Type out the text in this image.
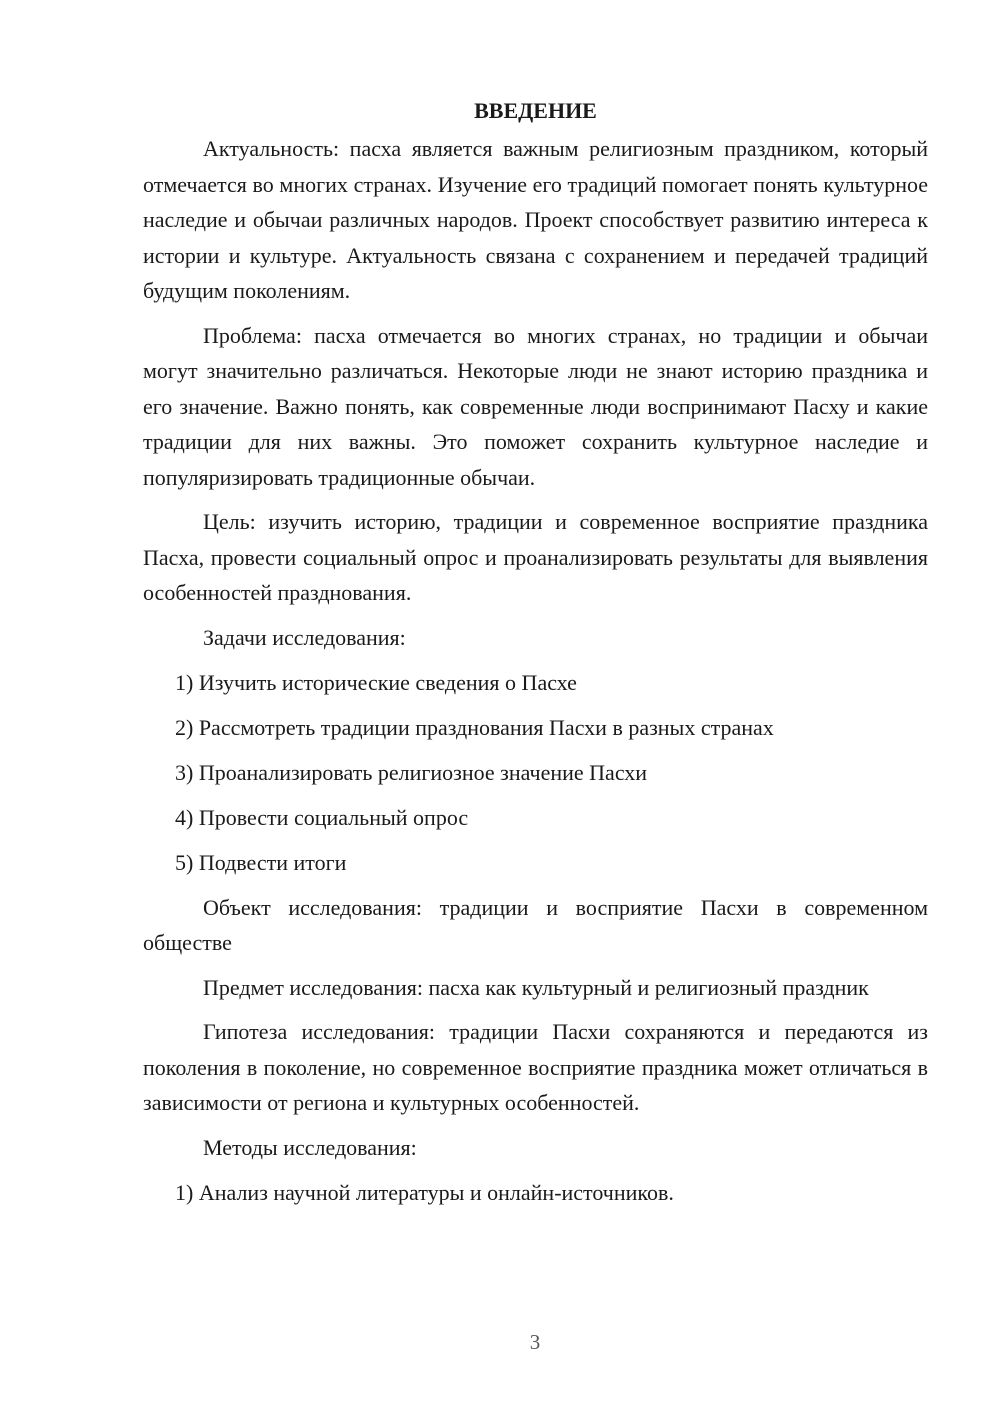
ВВЕДЕНИЕ

Актуальность: пасха является важным религиозным праздником, который отмечается во многих странах. Изучение его традиций помогает понять культурное наследие и обычаи различных народов. Проект способствует развитию интереса к истории и культуре. Актуальность связана с сохранением и передачей традиций будущим поколениям.

Проблема: пасха отмечается во многих странах, но традиции и обычаи могут значительно различаться. Некоторые люди не знают историю праздника и его значение. Важно понять, как современные люди воспринимают Пасху и какие традиции для них важны. Это поможет сохранить культурное наследие и популяризировать традиционные обычаи.

Цель: изучить историю, традиции и современное восприятие праздника Пасха, провести социальный опрос и проанализировать результаты для выявления особенностей празднования.

Задачи исследования:
1) Изучить исторические сведения о Пасхе
2) Рассмотреть традиции празднования Пасхи в разных странах
3) Проанализировать религиозное значение Пасхи
4) Провести социальный опрос
5) Подвести итоги

Объект исследования: традиции и восприятие Пасхи в современном обществе

Предмет исследования: пасха как культурный и религиозный праздник

Гипотеза исследования: традиции Пасхи сохраняются и передаются из поколения в поколение, но современное восприятие праздника может отличаться в зависимости от региона и культурных особенностей.

Методы исследования:
1) Анализ научной литературы и онлайн-источников.
3
